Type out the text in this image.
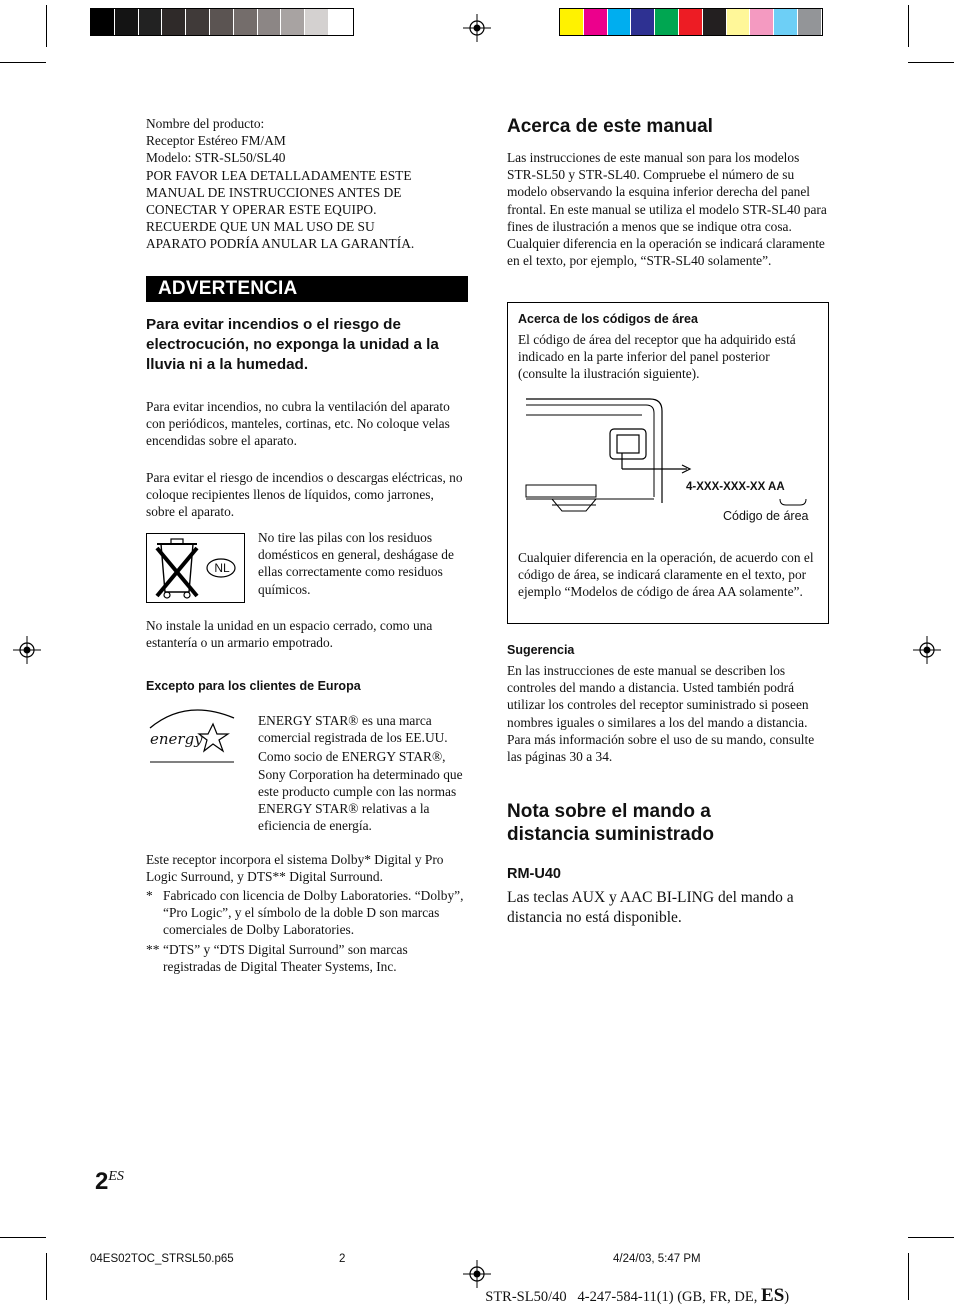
Nombre del producto:
Receptor Estéreo FM/AM
Modelo: STR-SL50/SL40
POR FAVOR LEA DETALLADAMENTE ESTE
MANUAL DE INSTRUCCIONES ANTES DE
CONECTAR Y OPERAR ESTE EQUIPO.
RECUERDE QUE UN MAL USO DE SU
APARATO PODRÍA ANULAR LA GARANTÍA.

ADVERTENCIA

Para evitar incendios o el riesgo de electrocución, no exponga la unidad a la lluvia ni a la humedad.

Para evitar incendios, no cubra la ventilación del aparato con periódicos, manteles, cortinas, etc. No coloque velas encendidas sobre el aparato.

Para evitar el riesgo de incendios o descargas eléctricas, no coloque recipientes llenos de líquidos, como jarrones, sobre el aparato.

NL

No tire las pilas con los residuos domésticos en general, deshágase de ellas correctamente como residuos químicos.

No instale la unidad en un espacio cerrado, como una estantería o un armario empotrado.

Excepto para los clientes de Europa

energy

ENERGY STAR® es una marca comercial registrada de los EE.UU.

Como socio de ENERGY STAR®, Sony Corporation ha determinado que este producto cumple con las normas ENERGY STAR® relativas a la eficiencia de energía.

Este receptor incorpora el sistema Dolby* Digital y Pro Logic Surround, y DTS** Digital Surround.

* Fabricado con licencia de Dolby Laboratories. “Dolby”, “Pro Logic”, y el símbolo de la doble D son marcas comerciales de Dolby Laboratories.

** “DTS” y “DTS Digital Surround” son marcas registradas de Digital Theater Systems, Inc.

Acerca de este manual

Las instrucciones de este manual son para los modelos STR-SL50 y STR-SL40. Compruebe el número de su modelo observando la esquina inferior derecha del panel frontal. En este manual se utiliza el modelo STR-SL40 para fines de ilustración a menos que se indique otra cosa. Cualquier diferencia en la operación se indicará claramente en el texto, por ejemplo, “STR-SL40 solamente”.

Acerca de los códigos de área

El código de área del receptor que ha adquirido está indicado en la parte inferior del panel posterior (consulte la ilustración siguiente).

4-XXX-XXX-XX AA
Código de área

Cualquier diferencia en la operación, de acuerdo con el código de área, se indicará claramente en el texto, por ejemplo “Modelos de código de área AA solamente”.

Sugerencia

En las instrucciones de este manual se describen los controles del mando a distancia. Usted también podrá utilizar los controles del receptor suministrado si poseen nombres iguales o similares a los del mando a distancia. Para más información sobre el uso de su mando, consulte las páginas 30 a 34.

Nota sobre el mando a
distancia suministrado

RM-U40

Las teclas AUX y AAC BI-LING del mando a distancia no está disponible.

2ES
04ES02TOC_STRSL50.p65	2	4/24/03, 5:47 PM

STR-SL50/40   4-247-584-11(1) (GB, FR, DE, ES)
